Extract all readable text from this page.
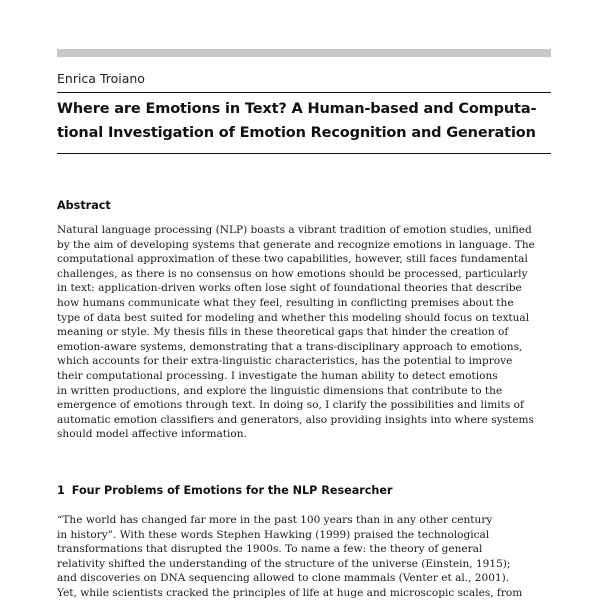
Enrica Troiano
Where are Emotions in Text? A Human-based and Computa-
tional Investigation of Emotion Recognition and Generation
Abstract

Natural language processing (NLP) boasts a vibrant tradition of emotion studies, unified
by the aim of developing systems that generate and recognize emotions in language. The
computational approximation of these two capabilities, however, still faces fundamental
challenges, as there is no consensus on how emotions should be processed, particularly
in text: application-driven works often lose sight of foundational theories that describe
how humans communicate what they feel, resulting in conflicting premises about the
type of data best suited for modeling and whether this modeling should focus on textual
meaning or style. My thesis fills in these theoretical gaps that hinder the creation of
emotion-aware systems, demonstrating that a trans-disciplinary approach to emotions,
which accounts for their extra-linguistic characteristics, has the potential to improve
their computational processing. I investigate the human ability to detect emotions
in written productions, and explore the linguistic dimensions that contribute to the
emergence of emotions through text. In doing so, I clarify the possibilities and limits of
automatic emotion classifiers and generators, also providing insights into where systems
should model affective information.

1 Four Problems of Emotions for the NLP Researcher

“The world has changed far more in the past 100 years than in any other century
in history”. With these words Stephen Hawking (1999) praised the technological
transformations that disrupted the 1900s. To name a few: the theory of general
relativity shifted the understanding of the structure of the universe (Einstein, 1915);
and discoveries on DNA sequencing allowed to clone mammals (Venter et al., 2001).
Yet, while scientists cracked the principles of life at huge and microscopic scales, from
